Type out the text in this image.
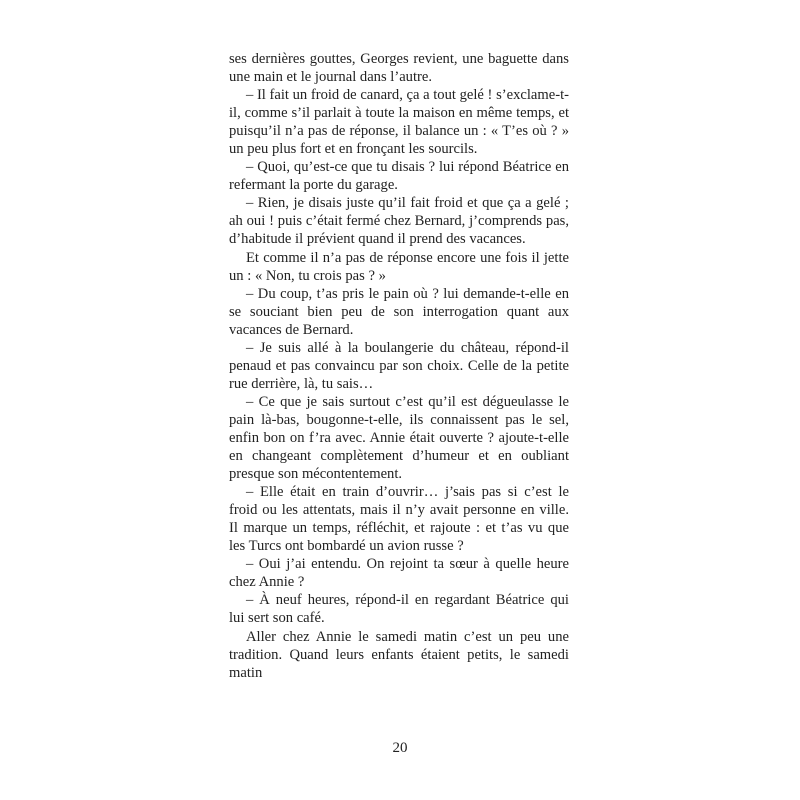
ses dernières gouttes, Georges revient, une baguette dans une main et le journal dans l’autre.

– Il fait un froid de canard, ça a tout gelé ! s’exclame-t-il, comme s’il parlait à toute la maison en même temps, et puisqu’il n’a pas de réponse, il balance un : « T’es où ? » un peu plus fort et en fronçant les sourcils.

– Quoi, qu’est-ce que tu disais ? lui répond Béatrice en refermant la porte du garage.

– Rien, je disais juste qu’il fait froid et que ça a gelé ; ah oui ! puis c’était fermé chez Bernard, j’comprends pas, d’habitude il prévient quand il prend des vacances.

Et comme il n’a pas de réponse encore une fois il jette un : « Non, tu crois pas ? »

– Du coup, t’as pris le pain où ? lui demande-t-elle en se souciant bien peu de son interrogation quant aux vacances de Bernard.

– Je suis allé à la boulangerie du château, répond-il penaud et pas convaincu par son choix. Celle de la petite rue derrière, là, tu sais…

– Ce que je sais surtout c’est qu’il est dégueulasse le pain là-bas, bougonne-t-elle, ils connaissent pas le sel, enfin bon on f’ra avec. Annie était ouverte ? ajoute-t-elle en changeant complètement d’humeur et en oubliant presque son mécontentement.

– Elle était en train d’ouvrir… j’sais pas si c’est le froid ou les attentats, mais il n’y avait personne en ville. Il marque un temps, réfléchit, et rajoute : et t’as vu que les Turcs ont bombardé un avion russe ?

– Oui j’ai entendu. On rejoint ta sœur à quelle heure chez Annie ?

– À neuf heures, répond-il en regardant Béatrice qui lui sert son café.

Aller chez Annie le samedi matin c’est un peu une tradition. Quand leurs enfants étaient petits, le samedi matin

20
